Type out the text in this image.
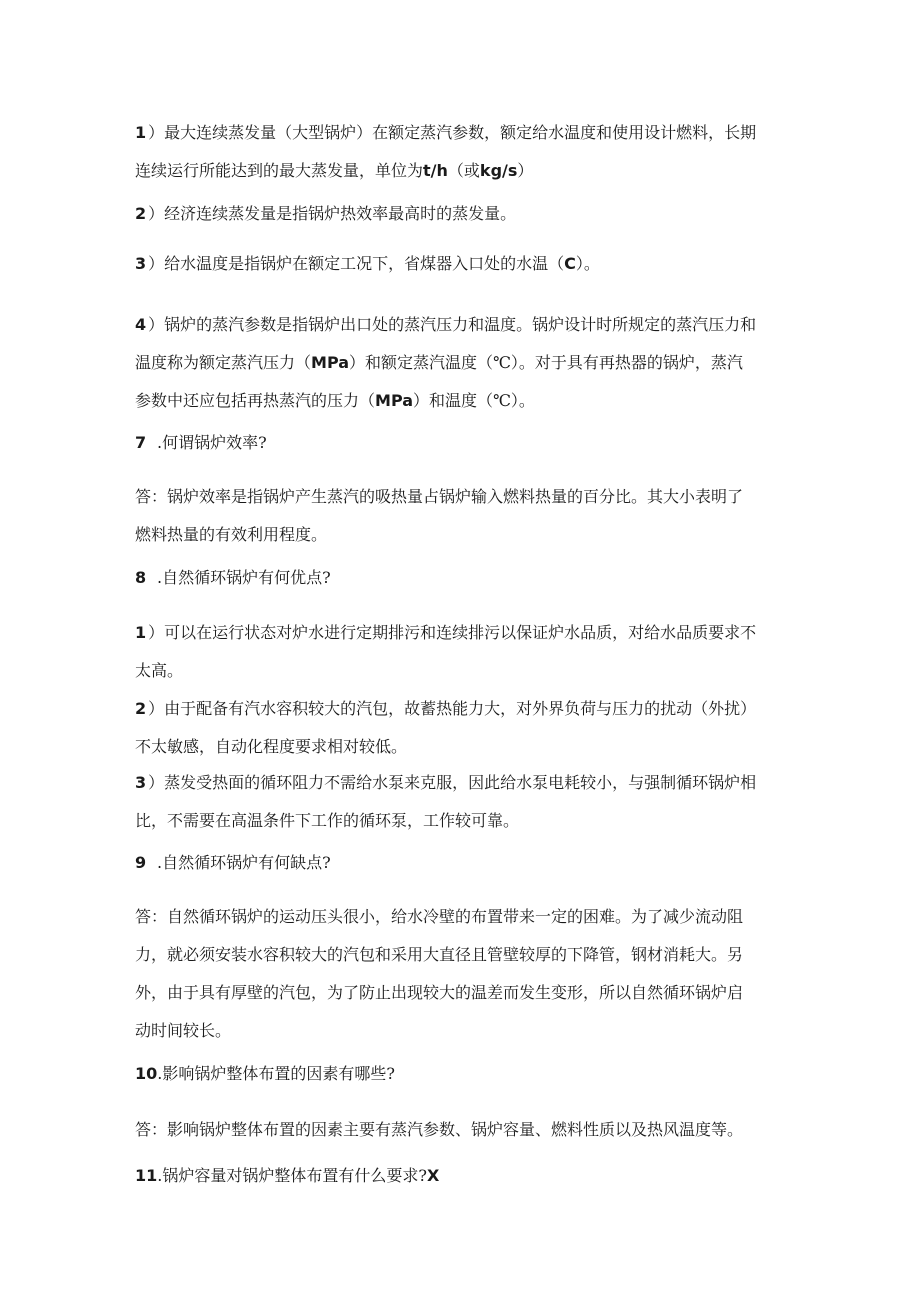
1 ）最大连续蒸发量（大型锅炉）在额定蒸汽参数，额定给水温度和使用设计燃料，长期
连续运行所能达到的最大蒸发量，单位为t/h（或kg/s）

2 ）经济连续蒸发量是指锅炉热效率最高时的蒸发量。

3 ）给水温度是指锅炉在额定工况下，省煤器入口处的水温（C）。

4 ）锅炉的蒸汽参数是指锅炉出口处的蒸汽压力和温度。锅炉设计时所规定的蒸汽压力和
温度称为额定蒸汽压力（MPa）和额定蒸汽温度（℃）。对于具有再热器的锅炉，蒸汽
参数中还应包括再热蒸汽的压力（MPa）和温度（℃）。

7 .何谓锅炉效率?

答：锅炉效率是指锅炉产生蒸汽的吸热量占锅炉输入燃料热量的百分比。其大小表明了
燃料热量的有效利用程度。

8 .自然循环锅炉有何优点?

1 ）可以在运行状态对炉水进行定期排污和连续排污以保证炉水品质，对给水品质要求不
太高。

2 ）由于配备有汽水容积较大的汽包，故蓄热能力大，对外界负荷与压力的扰动（外扰）
不太敏感，自动化程度要求相对较低。

3 ）蒸发受热面的循环阻力不需给水泵来克服，因此给水泵电耗较小，与强制循环锅炉相
比，不需要在高温条件下工作的循环泵，工作较可靠。

9 .自然循环锅炉有何缺点?

答：自然循环锅炉的运动压头很小，给水冷壁的布置带来一定的困难。为了减少流动阻
力，就必须安装水容积较大的汽包和采用大直径且管壁较厚的下降管，钢材消耗大。另
外，由于具有厚壁的汽包，为了防止出现较大的温差而发生变形，所以自然循环锅炉启
动时间较长。

10.影响锅炉整体布置的因素有哪些?

答：影响锅炉整体布置的因素主要有蒸汽参数、锅炉容量、燃料性质以及热风温度等。

11.锅炉容量对锅炉整体布置有什么要求?X
